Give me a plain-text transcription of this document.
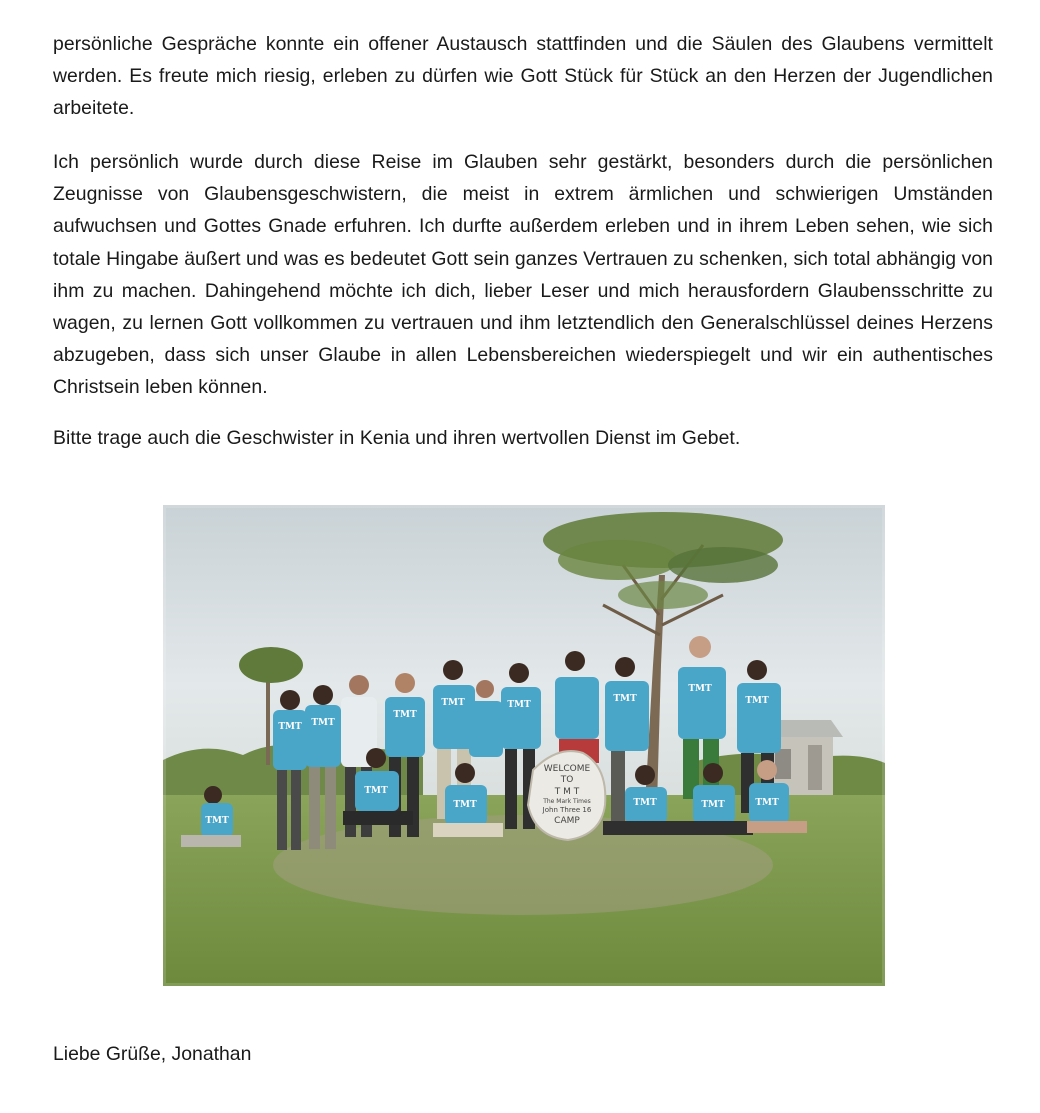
persönliche Gespräche konnte ein offener Austausch stattfinden und die Säulen des Glaubens vermittelt werden. Es freute mich riesig, erleben zu dürfen wie Gott Stück für Stück an den Herzen der Jugendlichen arbeitete.

Ich persönlich wurde durch diese Reise im Glauben sehr gestärkt, besonders durch die persönlichen Zeugnisse von Glaubensgeschwistern, die meist in extrem ärmlichen und schwierigen Umständen aufwuchsen und Gottes Gnade erfuhren. Ich durfte außerdem erleben und in ihrem Leben sehen, wie sich totale Hingabe äußert und was es bedeutet Gott sein ganzes Vertrauen zu schenken, sich total abhängig von ihm zu machen. Dahingehend möchte ich dich, lieber Leser und mich herausfordern Glaubensschritte zu wagen, zu lernen Gott vollkommen zu vertrauen und ihm letztendlich den Generalschlüssel deines Herzens abzugeben, dass sich unser Glaube in allen Lebensbereichen wiederspiegelt und wir ein authentisches Christsein leben können.

Bitte trage auch die Geschwister in Kenia und ihren wertvollen Dienst im Gebet.

WELCOME
TO
T M T
The Mark Times
John Three 16
CAMP
TMT TMT
TMT
TMT	TMT
TMT
TMT
TMT
TMT
TMT	TMT	TMT	TMT
TMT

Liebe Grüße, Jonathan
